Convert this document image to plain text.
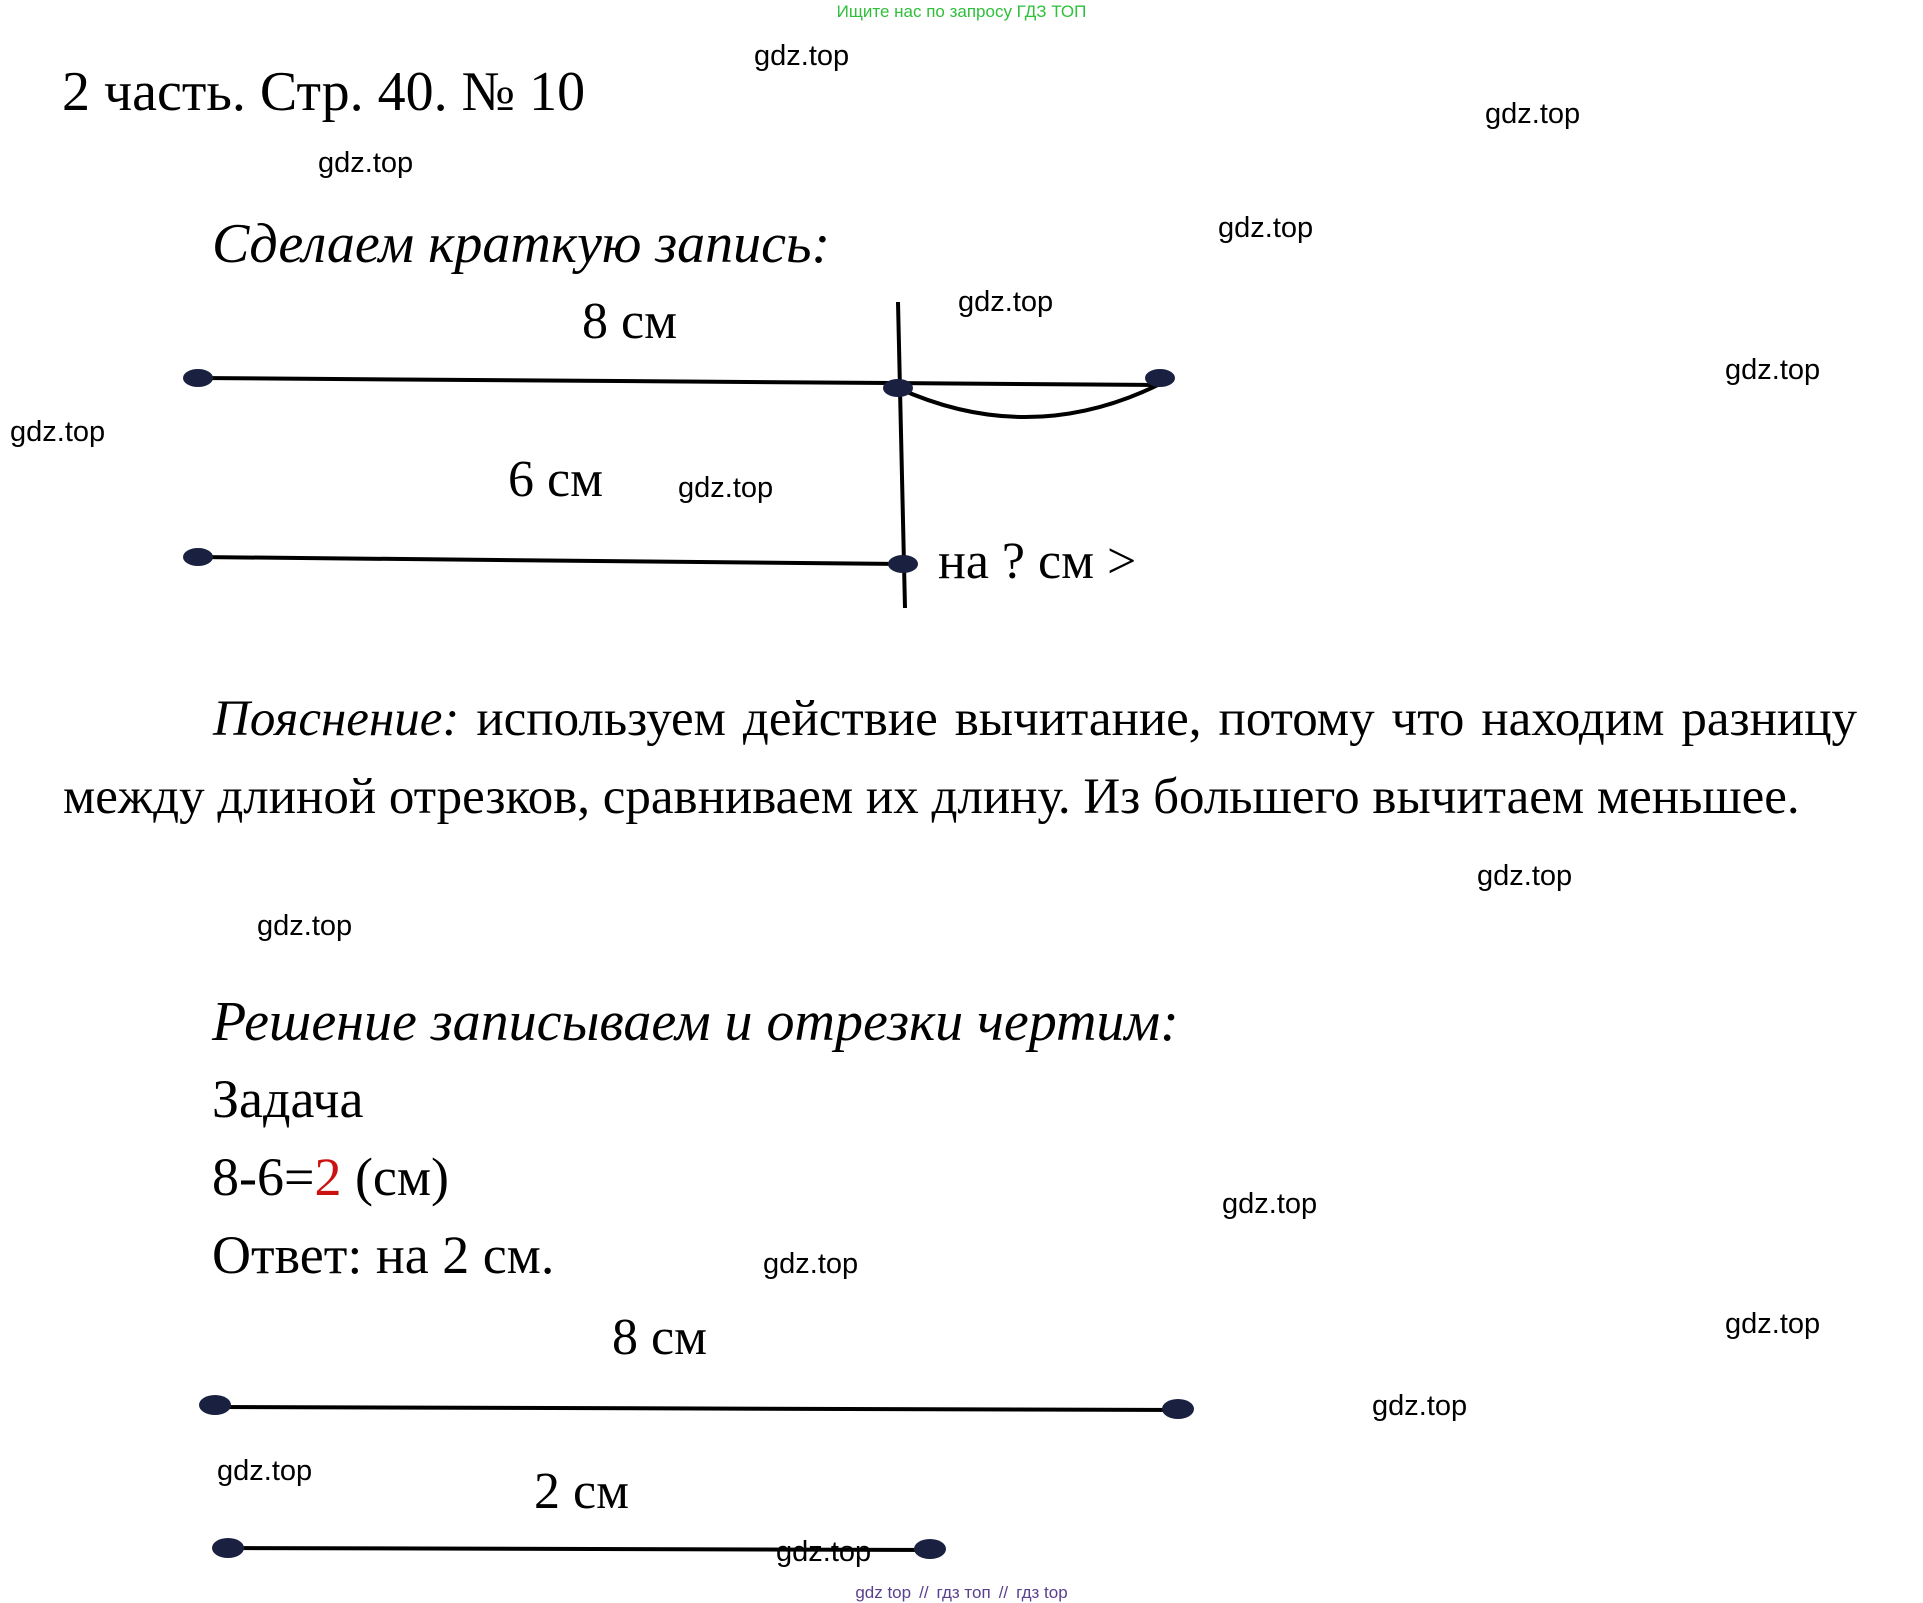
Ищите нас по запросу ГДЗ ТОП
2 часть. Стр. 40. № 10
Сделаем краткую запись:
8 см
6 см
на ? см >
Пояснение: используем действие вычитание, потому что находим разницу между длиной отрезков, сравниваем их длину. Из большего вычитаем меньшее.
Решение записываем и отрезки чертим:
Задача
8-6=2 (см)
Ответ: на 2 см.
8 см
2 см
gdz.top
gdz.top
gdz.top
gdz.top
gdz.top
gdz.top
gdz.top
gdz.top
gdz.top
gdz.top
gdz.top
gdz.top
gdz.top
gdz.top
gdz.top
gdz.top
gdz top // гдз топ // гдз top
